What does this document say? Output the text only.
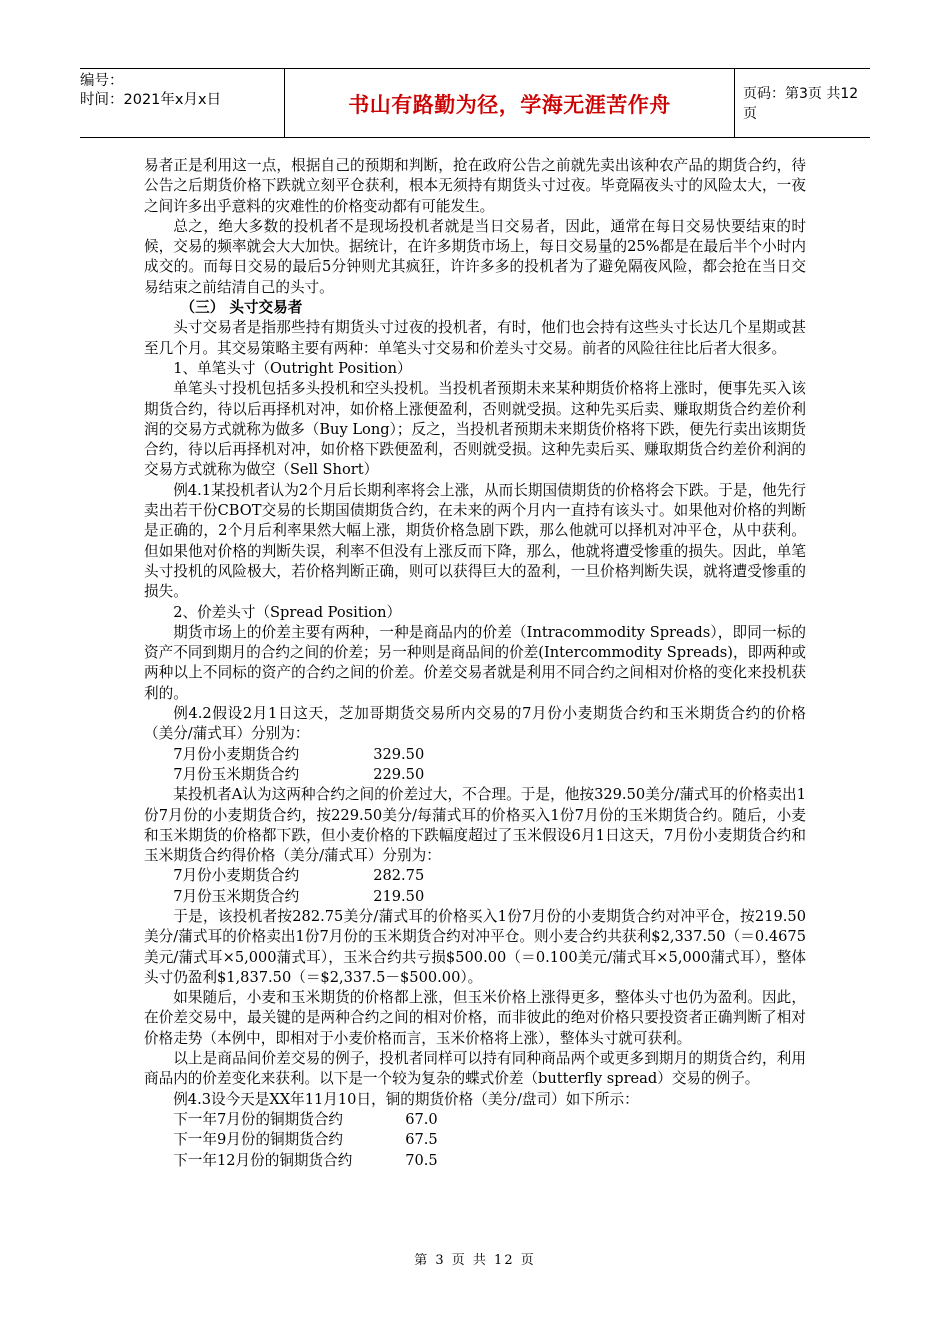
编号：
时间：2021年x月x日	书山有路勤为径，学海无涯苦作舟	页码：第3页 共12页

易者正是利用这一点，根据自己的预期和判断，抢在政府公告之前就先卖出该种农产品的期货合约，待公告之后期货价格下跌就立刻平仓获利，根本无须持有期货头寸过夜。毕竟隔夜头寸的风险太大，一夜之间许多出乎意料的灾难性的价格变动都有可能发生。

总之，绝大多数的投机者不是现场投机者就是当日交易者，因此，通常在每日交易快要结束的时候，交易的频率就会大大加快。据统计，在许多期货市场上，每日交易量的25%都是在最后半个小时内成交的。而每日交易的最后5分钟则尤其疯狂，许许多多的投机者为了避免隔夜风险，都会抢在当日交易结束之前结清自己的头寸。

（三） 头寸交易者

头寸交易者是指那些持有期货头寸过夜的投机者，有时，他们也会持有这些头寸长达几个星期或甚至几个月。其交易策略主要有两种：单笔头寸交易和价差头寸交易。前者的风险往往比后者大很多。

1、单笔头寸（Outright Position）

单笔头寸投机包括多头投机和空头投机。当投机者预期未来某种期货价格将上涨时，便事先买入该期货合约，待以后再择机对冲，如价格上涨便盈利，否则就受损。这种先买后卖、赚取期货合约差价利润的交易方式就称为做多（Buy Long）；反之，当投机者预期未来期货价格将下跌，便先行卖出该期货合约，待以后再择机对冲，如价格下跌便盈利，否则就受损。这种先卖后买、赚取期货合约差价利润的交易方式就称为做空（Sell Short）

例4.1某投机者认为2个月后长期利率将会上涨，从而长期国债期货的价格将会下跌。于是，他先行卖出若干份CBOT交易的长期国债期货合约，在未来的两个月内一直持有该头寸。如果他对价格的判断是正确的，2个月后利率果然大幅上涨，期货价格急剧下跌，那么他就可以择机对冲平仓，从中获利。但如果他对价格的判断失误，利率不但没有上涨反而下降，那么，他就将遭受惨重的损失。因此，单笔头寸投机的风险极大，若价格判断正确，则可以获得巨大的盈利，一旦价格判断失误，就将遭受惨重的损失。

2、价差头寸（Spread Position）

期货市场上的价差主要有两种，一种是商品内的价差（Intracommodity Spreads），即同一标的资产不同到期月的合约之间的价差；另一种则是商品间的价差(Intercommodity Spreads)，即两种或两种以上不同标的资产的合约之间的价差。价差交易者就是利用不同合约之间相对价格的变化来投机获利的。

例4.2假设2月1日这天，芝加哥期货交易所内交易的7月份小麦期货合约和玉米期货合约的价格（美分/蒲式耳）分别为：

7月份小麦期货合约	329.50

7月份玉米期货合约	229.50

某投机者A认为这两种合约之间的价差过大，不合理。于是，他按329.50美分/蒲式耳的价格卖出1份7月份的小麦期货合约，按229.50美分/每蒲式耳的价格买入1份7月份的玉米期货合约。随后，小麦和玉米期货的价格都下跌，但小麦价格的下跌幅度超过了玉米假设6月1日这天，7月份小麦期货合约和玉米期货合约得价格（美分/蒲式耳）分别为：

7月份小麦期货合约	282.75

7月份玉米期货合约	219.50

于是，该投机者按282.75美分/蒲式耳的价格买入1份7月份的小麦期货合约对冲平仓，按219.50美分/蒲式耳的价格卖出1份7月份的玉米期货合约对冲平仓。则小麦合约共获利$2,337.50（＝0.4675美元/蒲式耳×5,000蒲式耳），玉米合约共亏损$500.00（＝0.100美元/蒲式耳×5,000蒲式耳），整体头寸仍盈利$1,837.50（＝$2,337.5－$500.00）。

如果随后，小麦和玉米期货的价格都上涨，但玉米价格上涨得更多，整体头寸也仍为盈利。因此，在价差交易中，最关键的是两种合约之间的相对价格，而非彼此的绝对价格只要投资者正确判断了相对价格走势（本例中，即相对于小麦价格而言，玉米价格将上涨），整体头寸就可获利。

以上是商品间价差交易的例子，投机者同样可以持有同种商品两个或更多到期月的期货合约，利用商品内的价差变化来获利。以下是一个较为复杂的蝶式价差（butterfly spread）交易的例子。

例4.3设今天是XX年11月10日，铜的期货价格（美分/盘司）如下所示：

下一年7月份的铜期货合约	67.0

下一年9月份的铜期货合约	67.5

下一年12月份的铜期货合约	70.5

第 3 页 共 12 页
